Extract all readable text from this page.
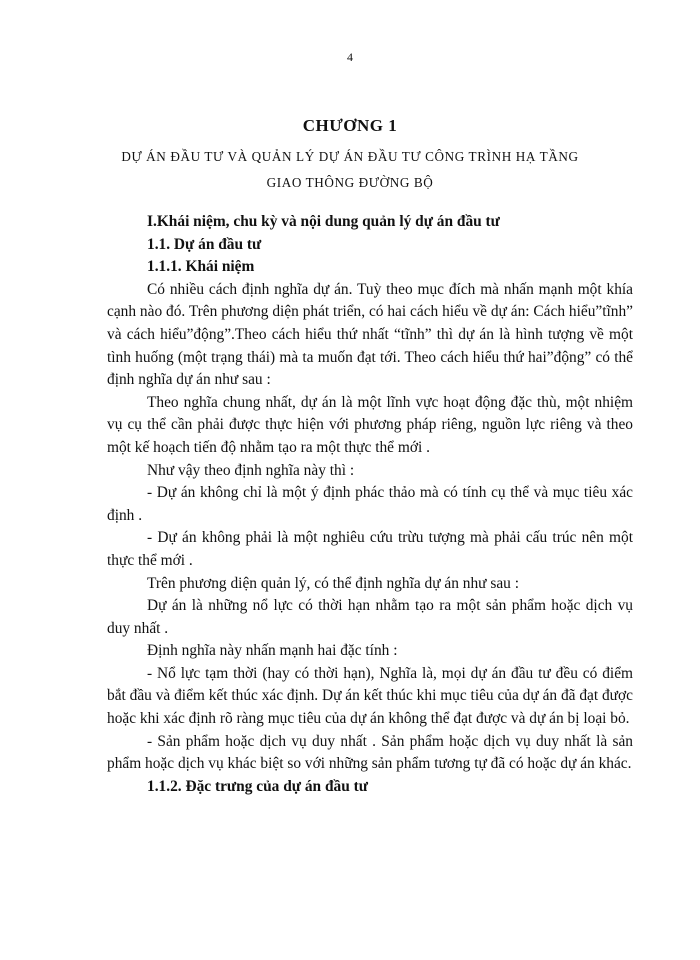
4
CHƯƠNG 1
DỰ ÁN ĐẦU TƯ VÀ QUẢN LÝ DỰ ÁN ĐẦU TƯ CÔNG TRÌNH HẠ TẦNG
GIAO THÔNG ĐƯỜNG BỘ

I.Khái niệm, chu kỳ và nội dung quản lý dự án đầu tư

1.1. Dự án đầu tư

1.1.1. Khái niệm

Có nhiều cách định nghĩa dự án. Tuỳ theo mục đích mà nhấn mạnh một khía cạnh nào đó. Trên phương diện phát triển, có hai cách hiểu về dự án: Cách hiểu”tĩnh” và cách hiểu”động”.Theo cách hiểu thứ nhất “tĩnh” thì dự án là hình tượng về một tình huống (một trạng thái) mà ta muốn đạt tới. Theo cách hiểu thứ hai”động” có thể định nghĩa dự án như sau :

Theo nghĩa chung nhất, dự án là một lĩnh vực hoạt động đặc thù, một nhiệm vụ cụ thể cần phải được thực hiện với phương pháp riêng, nguồn lực riêng và theo một kế hoạch tiến độ nhằm tạo ra một thực thể mới .

Như vậy theo định nghĩa này thì :

- Dự án không chỉ là một ý định phác thảo mà có tính cụ thể và mục tiêu xác định .

- Dự án không phải là một nghiêu cứu trừu tượng mà phải cấu trúc nên một thực thể mới .

Trên phương diện quản lý, có thể định nghĩa dự án như sau :

Dự án là những nổ lực có thời hạn nhằm tạo ra một sản phẩm hoặc dịch vụ duy nhất .

Định nghĩa này nhấn mạnh hai đặc tính :

- Nổ lực tạm thời (hay có thời hạn), Nghĩa là, mọi dự án đầu tư đều có điểm bắt đầu và điểm kết thúc xác định. Dự án kết thúc khi mục tiêu của dự án đã đạt được hoặc khi xác định rõ ràng mục tiêu của dự án không thể đạt được và dự án bị loại bỏ.

- Sản phẩm hoặc dịch vụ duy nhất . Sản phẩm hoặc dịch vụ duy nhất là sản phẩm hoặc dịch vụ khác biệt so với những sản phẩm tương tự đã có hoặc dự án khác.

1.1.2. Đặc trưng của dự án đầu tư
